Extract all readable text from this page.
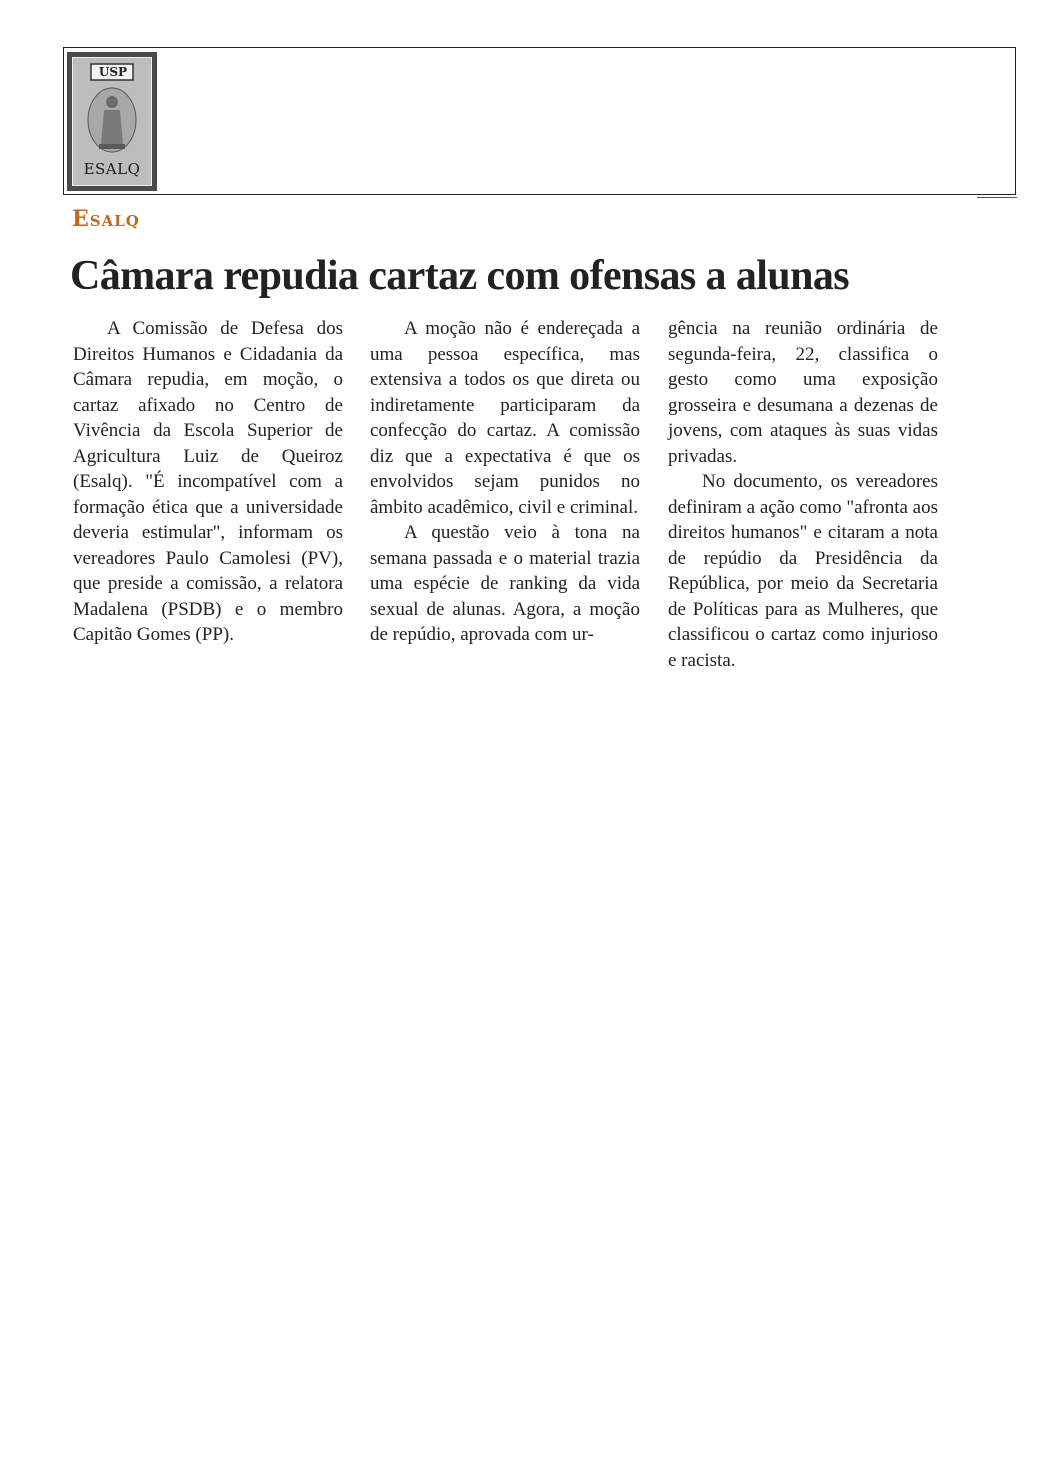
USP
ESALQ
Esalq
Câmara repudia cartaz com ofensas a alunas

A Comissão de Defesa dos Direitos Humanos e Cidadania da Câmara repudia, em moção, o cartaz afixado no Centro de Vivência da Escola Superior de Agricultura Luiz de Queiroz (Esalq). "É incompatível com a formação ética que a universidade deveria estimular", informam os vereadores Paulo Camolesi (PV), que preside a comissão, a relatora Madalena (PSDB) e o membro Capitão Gomes (PP).

A moção não é endereçada a uma pessoa específica, mas extensiva a todos os que direta ou indiretamente participaram da confecção do cartaz. A comissão diz que a expectativa é que os envolvidos sejam punidos no âmbito acadêmico, civil e criminal.

A questão veio à tona na semana passada e o material trazia uma espécie de ranking da vida sexual de alunas. Agora, a moção de repúdio, aprovada com ur-

gência na reunião ordinária de segunda-feira, 22, classifica o gesto como uma exposição grosseira e desumana a dezenas de jovens, com ataques às suas vidas privadas.

No documento, os vereadores definiram a ação como "afronta aos direitos humanos" e citaram a nota de repúdio da Presidência da República, por meio da Secretaria de Políticas para as Mulheres, que classificou o cartaz como injurioso e racista.
